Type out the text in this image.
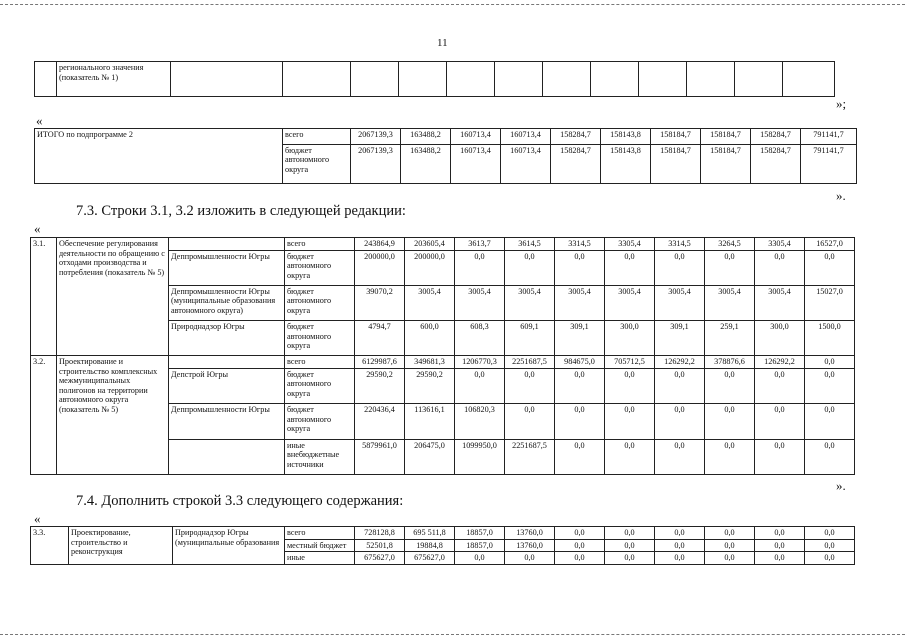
11
	регионального значения (показатель № 1)												
»;
«
ИТОГО по подпрограмме 2	всего	2067139,3	163488,2	160713,4	160713,4	158284,7	158143,8	158184,7	158184,7	158284,7	791141,7
	бюджет автономного округа	2067139,3	163488,2	160713,4	160713,4	158284,7	158143,8	158184,7	158184,7	158284,7	791141,7
».
7.3. Строки 3.1, 3.2 изложить в следующей редакции:
«
3.1.	Обеспечение регулирования деятельности по обращению с отходами производства и потребления (показатель № 5)		всего	243864,9	203605,4	3613,7	3614,5	3314,5	3305,4	3314,5	3264,5	3305,4	16527,0
		Деппромышленности Югры	бюджет автономного округа	200000,0	200000,0	0,0	0,0	0,0	0,0	0,0	0,0	0,0	0,0
		Деппромышленности Югры (муниципальные образования автономного округа)	бюджет автономного округа	39070,2	3005,4	3005,4	3005,4	3005,4	3005,4	3005,4	3005,4	3005,4	15027,0
		Природнадзор Югры	бюджет автономного округа	4794,7	600,0	608,3	609,1	309,1	300,0	309,1	259,1	300,0	1500,0
3.2.	Проектирование и строительство комплексных межмуниципальных полигонов на территории автономного округа (показатель № 5)		всего	6129987,6	349681,3	1206770,3	2251687,5	984675,0	705712,5	126292,2	378876,6	126292,2	0,0
		Депстрой Югры	бюджет автономного округа	29590,2	29590,2	0,0	0,0	0,0	0,0	0,0	0,0	0,0	0,0
		Деппромышленности Югры	бюджет автономного округа	220436,4	113616,1	106820,3	0,0	0,0	0,0	0,0	0,0	0,0	0,0
			иные внебюджетные источники	5879961,0	206475,0	1099950,0	2251687,5	0,0	0,0	0,0	0,0	0,0	0,0
».
7.4. Дополнить строкой 3.3 следующего содержания:
«
3.3.	Проектирование, строительство и реконструкция	Природнадзор Югры (муниципальные образования	всего	728128,8	695 511,8	18857,0	13760,0	0,0	0,0	0,0	0,0	0,0	0,0
			местный бюджет	52501,8	19884,8	18857,0	13760,0	0,0	0,0	0,0	0,0	0,0	0,0
			иные	675627,0	675627,0	0,0	0,0	0,0	0,0	0,0	0,0	0,0	0,0
